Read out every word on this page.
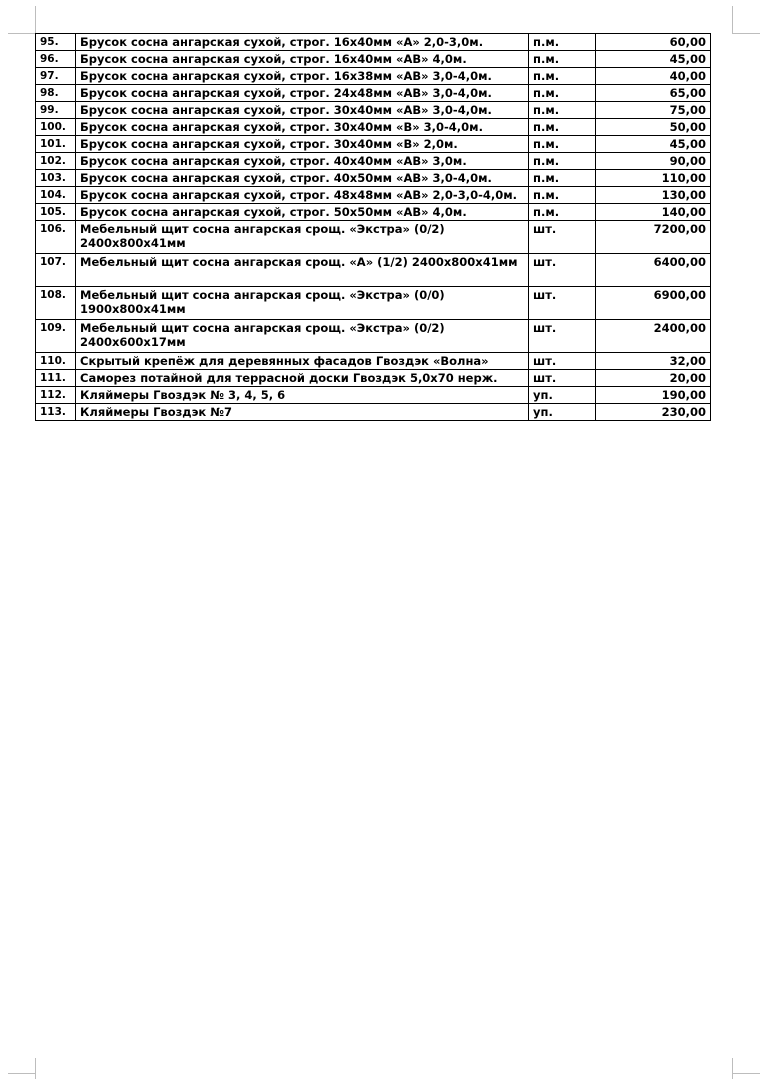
95.	Брусок сосна ангарская сухой, строг. 16х40мм «А» 2,0-3,0м.	п.м.	60,00
96.	Брусок сосна ангарская сухой, строг. 16х40мм «АВ» 4,0м.	п.м.	45,00
97.	Брусок сосна ангарская сухой, строг. 16х38мм «АВ» 3,0-4,0м.	п.м.	40,00
98.	Брусок сосна ангарская сухой, строг. 24х48мм «АВ» 3,0-4,0м.	п.м.	65,00
99.	Брусок сосна ангарская сухой, строг. 30х40мм «АВ» 3,0-4,0м.	п.м.	75,00
100.	Брусок сосна ангарская сухой, строг. 30х40мм «В» 3,0-4,0м.	п.м.	50,00
101.	Брусок сосна ангарская сухой, строг. 30х40мм «В» 2,0м.	п.м.	45,00
102.	Брусок сосна ангарская сухой, строг. 40х40мм «АВ» 3,0м.	п.м.	90,00
103.	Брусок сосна ангарская сухой, строг. 40х50мм «АВ» 3,0-4,0м.	п.м.	110,00
104.	Брусок сосна ангарская сухой, строг. 48х48мм «АВ» 2,0-3,0-4,0м.	п.м.	130,00
105.	Брусок сосна ангарская сухой, строг. 50х50мм «АВ» 4,0м.	п.м.	140,00
106.	Мебельный щит сосна ангарская срощ. «Экстра» (0/2) 2400х800х41мм	шт.	7200,00
107.	Мебельный щит сосна ангарская срощ. «А» (1/2) 2400х800х41мм	шт.	6400,00
108.	Мебельный щит сосна ангарская срощ. «Экстра» (0/0) 1900х800х41мм	шт.	6900,00
109.	Мебельный щит сосна ангарская срощ. «Экстра» (0/2) 2400х600х17мм	шт.	2400,00
110.	Скрытый крепёж для деревянных фасадов Гвоздэк «Волна»	шт.	32,00
111.	Саморез потайной для террасной доски Гвоздэк 5,0х70 нерж.	шт.	20,00
112.	Кляймеры Гвоздэк № 3, 4, 5, 6	уп.	190,00
113.	Кляймеры Гвоздэк №7	уп.	230,00
